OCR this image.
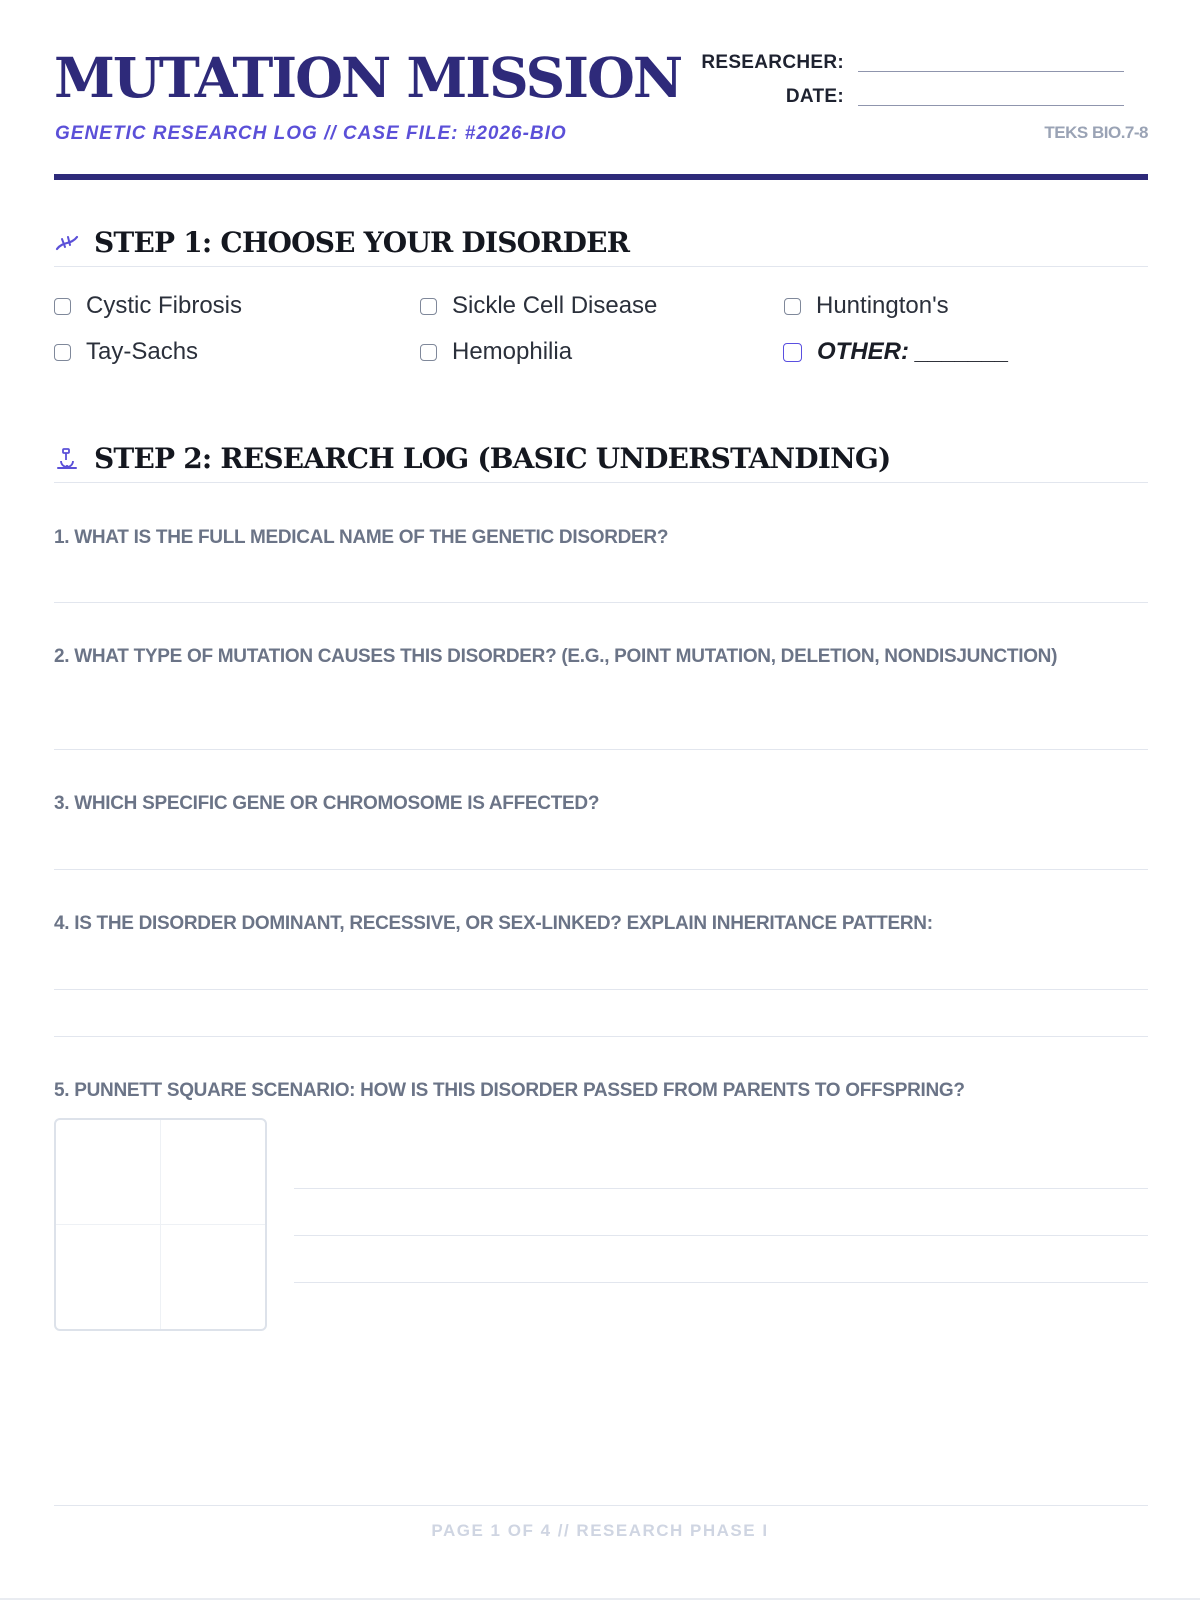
MUTATION MISSION
GENETIC RESEARCH LOG // CASE FILE: #2026-BIO
RESEARCHER:
DATE:
TEKS BIO.7-8
STEP 1: CHOOSE YOUR DISORDER
Cystic Fibrosis	Sickle Cell Disease	Huntington's
Tay-Sachs	Hemophilia	OTHER: _______
STEP 2: RESEARCH LOG (BASIC UNDERSTANDING)
1. WHAT IS THE FULL MEDICAL NAME OF THE GENETIC DISORDER?
2. WHAT TYPE OF MUTATION CAUSES THIS DISORDER? (E.G., POINT MUTATION, DELETION, NONDISJUNCTION)
3. WHICH SPECIFIC GENE OR CHROMOSOME IS AFFECTED?
4. IS THE DISORDER DOMINANT, RECESSIVE, OR SEX-LINKED? EXPLAIN INHERITANCE PATTERN:
5. PUNNETT SQUARE SCENARIO: HOW IS THIS DISORDER PASSED FROM PARENTS TO OFFSPRING?
PAGE 1 OF 4 // RESEARCH PHASE I
